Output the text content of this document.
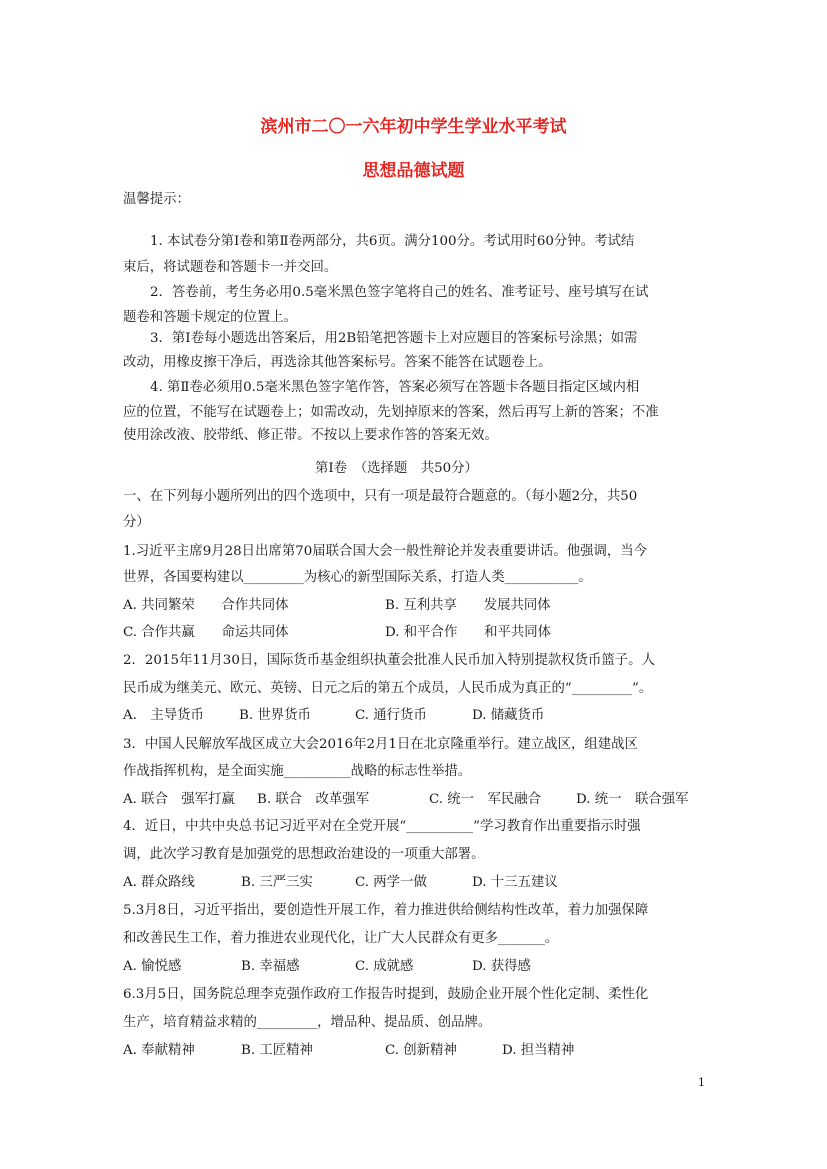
滨州市二〇一六年初中学生学业水平考试
思想品德试题
温馨提示：
1. 本试卷分第Ⅰ卷和第Ⅱ卷两部分，共6页。满分100分。考试用时60分钟。考试结
束后，将试题卷和答题卡一并交回。
2．答卷前，考生务必用0.5毫米黑色签字笔将自己的姓名、准考证号、座号填写在试
题卷和答题卡规定的位置上。
3．第Ⅰ卷每小题选出答案后，用2B铅笔把答题卡上对应题目的答案标号涂黑；如需
改动，用橡皮擦干净后，再选涂其他答案标号。答案不能答在试题卷上。
4. 第Ⅱ卷必须用0.5毫米黑色签字笔作答，答案必须写在答题卡各题目指定区域内相
应的位置，不能写在试题卷上；如需改动，先划掉原来的答案，然后再写上新的答案；不准
使用涂改液、胶带纸、修正带。不按以上要求作答的答案无效。
第Ⅰ卷　（选择题　共50分）
一、在下列每小题所列出的四个选项中，只有一项是最符合题意的。（每小题2分，共50
分）
1.习近平主席9月28日出席第70届联合国大会一般性辩论并发表重要讲话。他强调，当今
世界，各国要构建以_________为核心的新型国际关系，打造人类___________。
A. 共同繁荣　　合作共同体	B. 互利共享　　发展共同体
C. 合作共赢　　命运共同体	D. 和平合作　　和平共同体
2．2015年11月30日，国际货币基金组织执董会批准人民币加入特别提款权货币篮子。人
民币成为继美元、欧元、英镑、日元之后的第五个成员，人民币成为真正的“_________”。
A.　主导货币	B. 世界货币	C. 通行货币	D. 储藏货币
3．中国人民解放军战区成立大会2016年2月1日在北京隆重举行。建立战区，组建战区
作战指挥机构，是全面实施__________战略的标志性举措。
A. 联合　强军打赢 B. 联合　改革强军	C. 统一　军民融合	D. 统一　联合强军
4．近日，中共中央总书记习近平对在全党开展“__________”学习教育作出重要指示时强
调，此次学习教育是加强党的思想政治建设的一项重大部署。
A. 群众路线	B. 三严三实	C. 两学一做	D. 十三五建议
5.3月8日，习近平指出，要创造性开展工作，着力推进供给侧结构性改革，着力加强保障
和改善民生工作，着力推进农业现代化，让广大人民群众有更多_______。
A. 愉悦感	B. 幸福感	C. 成就感	D. 获得感
6.3月5日，国务院总理李克强作政府工作报告时提到，鼓励企业开展个性化定制、柔性化
生产，培育精益求精的_________，增品种、提品质、创品牌。
A. 奉献精神	B. 工匠精神	C. 创新精神	D. 担当精神
1
